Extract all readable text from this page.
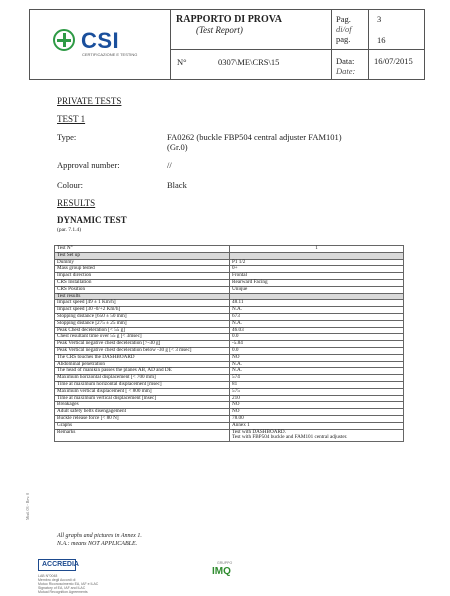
CSI
CERTIFICAZIONE E TESTING
RAPPORTO DI PROVA
(Test Report)
Pag.	3
di/of
pag.	16
N°	0307\ME\CRS\15	Data:
Date:
16/07/2015
PRIVATE TESTS
TEST 1
Type:	FA0262 (buckle FBP504 central adjuster FAM101)
(Gr.0)
Approval number:	//
Colour:	Black
RESULTS
DYNAMIC TEST
(par. 7.1.4)
Test N°	1
Test Set up	
Dummy	P1 1/2
Mass group tested	0+
Impact direction	Frontal
CRS Installation	Rearward Facing
CRS Position	Unique
Test results	
Impact speed [49 ± 1 Km/h]	48.11
Impact speed [30 -0/+2 Km/h]	N.A.
Stopping distance [650 ± 50 mm]	673
Stopping distance [275 ± 25 mm]	N.A.
Peak Chest deceleration [< 55 g]	46.03
Chest resultant time over 55 g [< 3msec]	0.0
Peak Vertical negative chest deceleration [>-30 g]	-5.84
Peak Vertical negative chest deceleration below -30 g [< 3 msec]	0.0
The CRS touches the DASHBOARD	NO
Abdominal penetration	N.A.
The head of manikin passes the planes AB, AD and DE	N.A.
Maximum horizontal displacement [< 700 mm]	574
Time at maximum horizontal displacement [msec]	81
Maximum vertical displacement [ < 800 mm]	575
Time at maximum vertical displacement [msec]	210
Breakages	NO
Adult safety belts disengagement	NO
Buckle release force [< 80 N]	78.00
Graphs	Annex 1
Remarks	Test with DASHBOARD.
Test with FBP504 buckle and FAM101 central adjuster.
All graphs and pictures in Annex 1.
N.A.: means NOT APPLICABLE.
Mod. 03 - Rev. 0
ACCREDIA
LAB N°0048
Membro degli Accordi di
Mutuo Riconoscimento EA, IAF e ILAC
Signatory of EA, IAF and ILAC
Mutual Recognition Agreements
GRUPPO
IMQ
